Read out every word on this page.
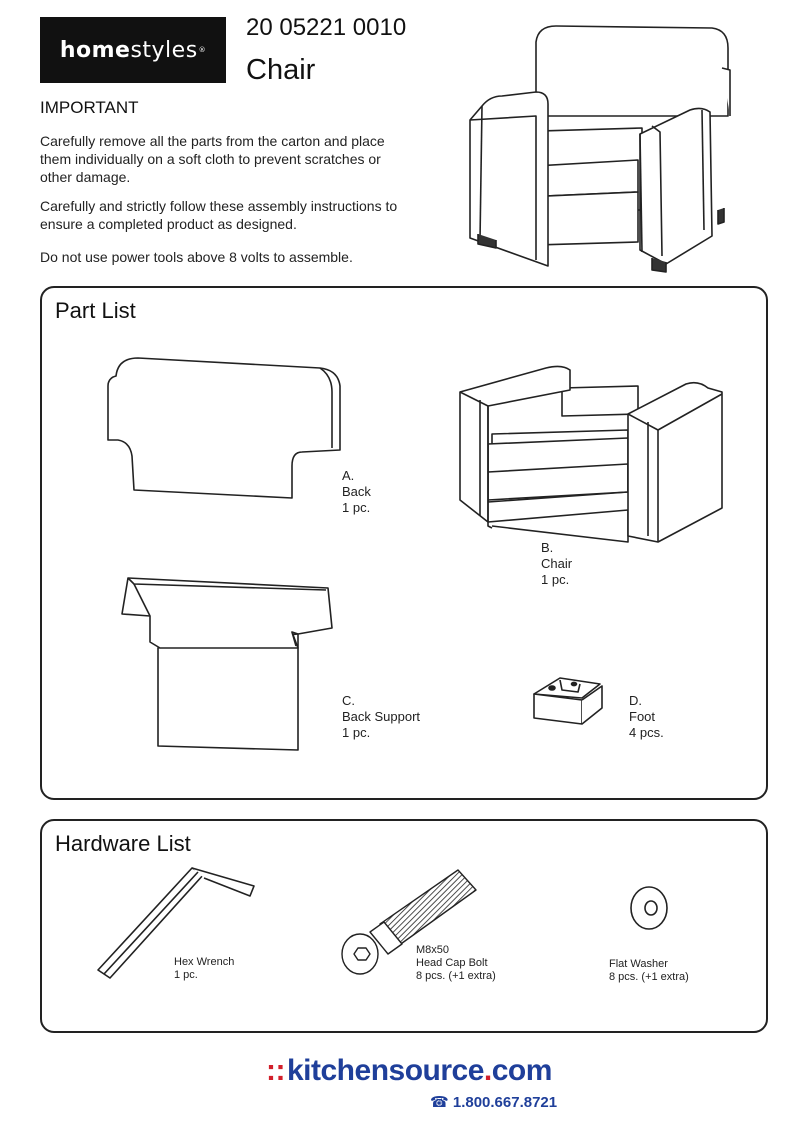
home styles ®
20 05221 0010
Chair
IMPORTANT

Carefully remove all the parts from the carton and place them individually on a soft cloth to prevent scratches or other damage.

Carefully and strictly follow these assembly instructions to ensure a completed product as designed.

Do not use power tools above 8 volts to assemble.

Part List
A.
Back
1 pc.
B.
Chair
1 pc.
C.
Back Support
1 pc.
D.
Foot
4 pcs.
Hardware List
Hex Wrench
1 pc.
M8x50
Head Cap Bolt
8 pcs. (+1 extra)
Flat Washer
8 pcs. (+1 extra)
::kitchensource.com
☎ 1.800.667.8721
